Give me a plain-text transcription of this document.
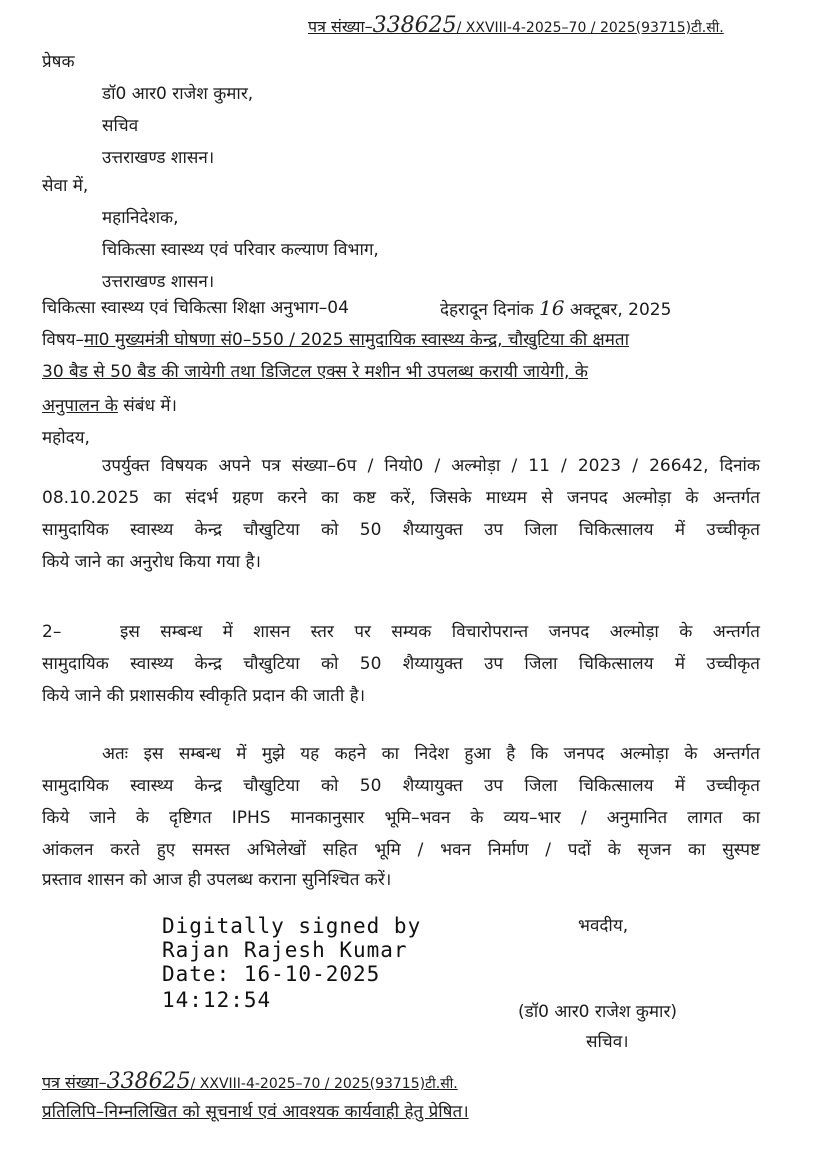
पत्र संख्या–338625/ XXVIII-4-2025–70 / 2025(93715)टी.सी.
प्रेषक
डॉ0 आर0 राजेश कुमार,
सचिव
उत्तराखण्ड शासन।
सेवा में,
महानिदेशक,
चिकित्सा स्वास्थ्य एवं परिवार कल्याण विभाग,
उत्तराखण्ड शासन।
चिकित्सा स्वास्थ्य एवं चिकित्सा शिक्षा अनुभाग–04	देहरादून दिनांक 16 अक्टूबर, 2025
विषय–मा0 मुख्यमंत्री घोषणा सं0–550 / 2025 सामुदायिक स्वास्थ्य केन्द्र, चौखुटिया की क्षमता
30 बैड से 50 बैड की जायेगी तथा डिजिटल एक्स रे मशीन भी उपलब्ध करायी जायेगी, के
अनुपालन के संबंध में।
महोदय,
उपर्युक्त विषयक अपने पत्र संख्या–6प / नियो0 / अल्मोड़ा / 11 / 2023 / 26642, दिनांक
08.10.2025 का संदर्भ ग्रहण करने का कष्ट करें, जिसके माध्यम से जनपद अल्मोड़ा के अन्तर्गत
सामुदायिक स्वास्थ्य केन्द्र चौखुटिया को 50 शैय्यायुक्त उप जिला चिकित्सालय में उच्चीकृत
किये जाने का अनुरोध किया गया है।
2–	इस सम्बन्ध में शासन स्तर पर सम्यक विचारोपरान्त जनपद अल्मोड़ा के अन्तर्गत
सामुदायिक स्वास्थ्य केन्द्र चौखुटिया को 50 शैय्यायुक्त उप जिला चिकित्सालय में उच्चीकृत
किये जाने की प्रशासकीय स्वीकृति प्रदान की जाती है।
अतः इस सम्बन्ध में मुझे यह कहने का निदेश हुआ है कि जनपद अल्मोड़ा के अन्तर्गत
सामुदायिक स्वास्थ्य केन्द्र चौखुटिया को 50 शैय्यायुक्त उप जिला चिकित्सालय में उच्चीकृत
किये जाने के दृष्टिगत IPHS मानकानुसार भूमि–भवन के व्यय–भार / अनुमानित लागत का
आंकलन करते हुए समस्त अभिलेखों सहित भूमि / भवन निर्माण / पदों के सृजन का सुस्पष्ट
प्रस्ताव शासन को आज ही उपलब्ध कराना सुनिश्चित करें।
Digitally signed by
Rajan Rajesh Kumar
Date: 16-10-2025
14:12:54
भवदीय,
(डॉ0 आर0 राजेश कुमार)
सचिव।
पत्र संख्या–338625/ XXVIII-4-2025–70 / 2025(93715)टी.सी.
प्रतिलिपि–निम्नलिखित को सूचनार्थ एवं आवश्यक कार्यवाही हेतु प्रेषित।
